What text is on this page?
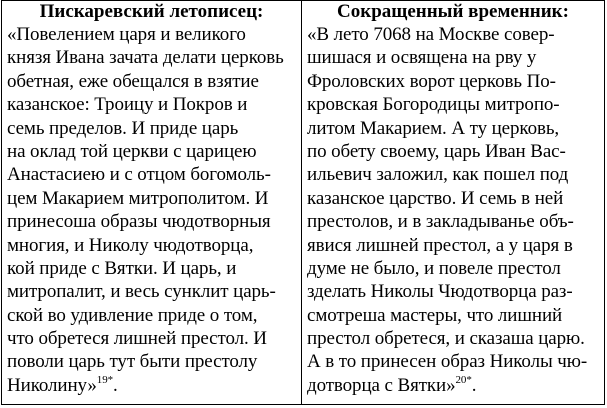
Пискаревский летописец:
«Повелением царя и великого
князя Ивана зачата делати церковь
обетная, еже обещался в взятие
казанское: Троицу и Покров и
семь пределов. И приде царь
на оклад той церкви с царицею
Анастасиею и с отцом богомоль-
цем Макарием митрополитом. И
принесоша образы чюдотворныя
многия, и Николу чюдотворца,
кой приде с Вятки. И царь, и
митропалит, и весь сунклит царь-
ской во удивление приде о том,
что обретеся лишней престол. И
поволи царь тут быти престолу
Николину»$^{19*}$.
Сокращенный временник:
«В лето 7068 на Москве совер-
шишася и освящена на рву у
Фроловских ворот церковь По-
кровская Богородицы митропо-
литом Макарием. А ту церковь,
по обету своему, царь Иван Вас-
ильевич заложил, как пошел под
казанское царство. И семь в ней
престолов, и в закладыванье объ-
явися лишней престол, а у царя в
думе не было, и повеле престол
зделать Николы Чюдотворца раз-
смотреша мастеры, что лишний
престол обретеся, и сказаша царю.
А в то принесен образ Николы чю-
дотворца с Вятки»$^{20*}$.
